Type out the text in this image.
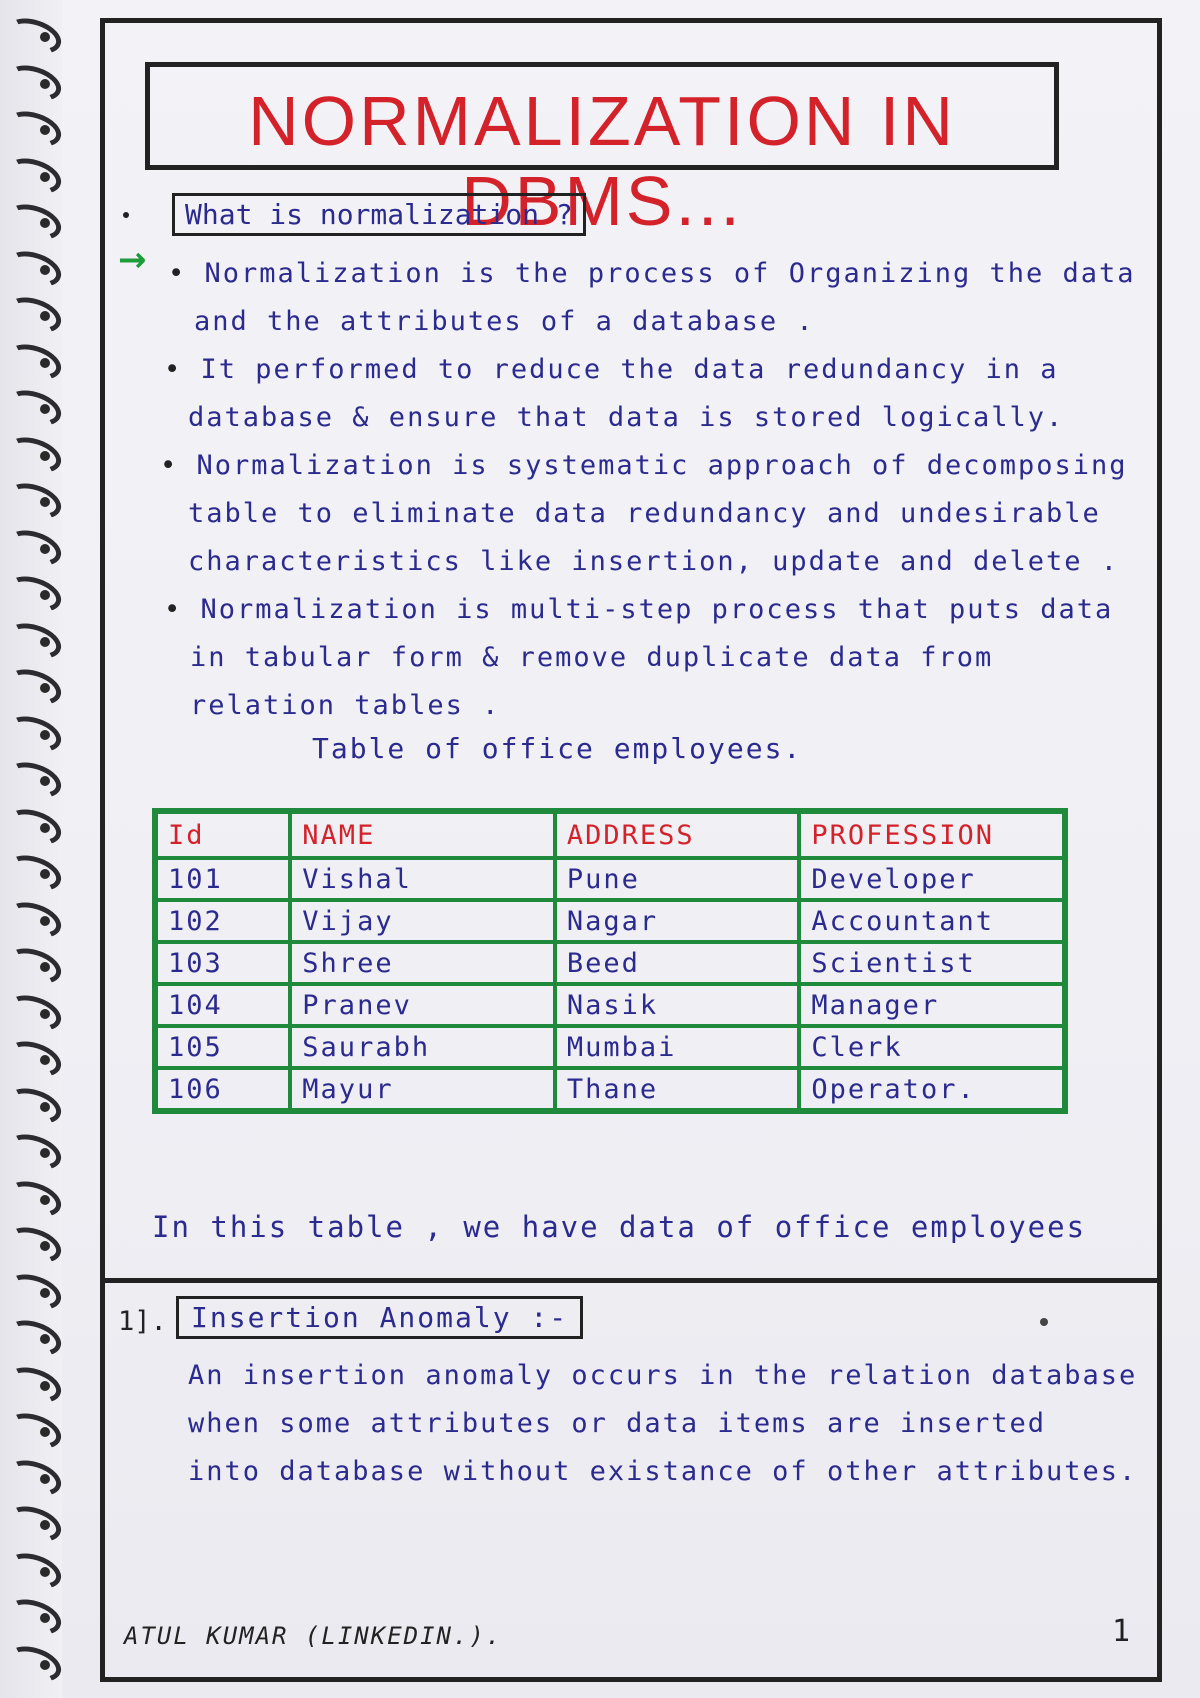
NORMALIZATION IN DBMS...
What is normalization ?
→ • Normalization is the process of Organizing the data
and the attributes of a database .
• It performed to reduce the data redundancy in a
database & ensure that data is stored logically.
• Normalization is systematic approach of decomposing
table to eliminate data redundancy and undesirable
characteristics like insertion, update and delete .
• Normalization is multi-step process that puts data
in tabular form & remove duplicate data from
relation tables .
Table of office employees.
Id	NAME	ADDRESS	PROFESSION
101	Vishal	Pune	Developer
102	Vijay	Nagar	Accountant
103	Shree	Beed	Scientist
104	Pranev	Nasik	Manager
105	Saurabh	Mumbai	Clerk
106	Mayur	Thane	Operator.
In this table , we have data of office employees
1]. Insertion Anomaly :-
An insertion anomaly occurs in the relation database
when some attributes or data items are inserted
into database without existance of other attributes.
ATUL KUMAR (LINKEDIN.).	1
